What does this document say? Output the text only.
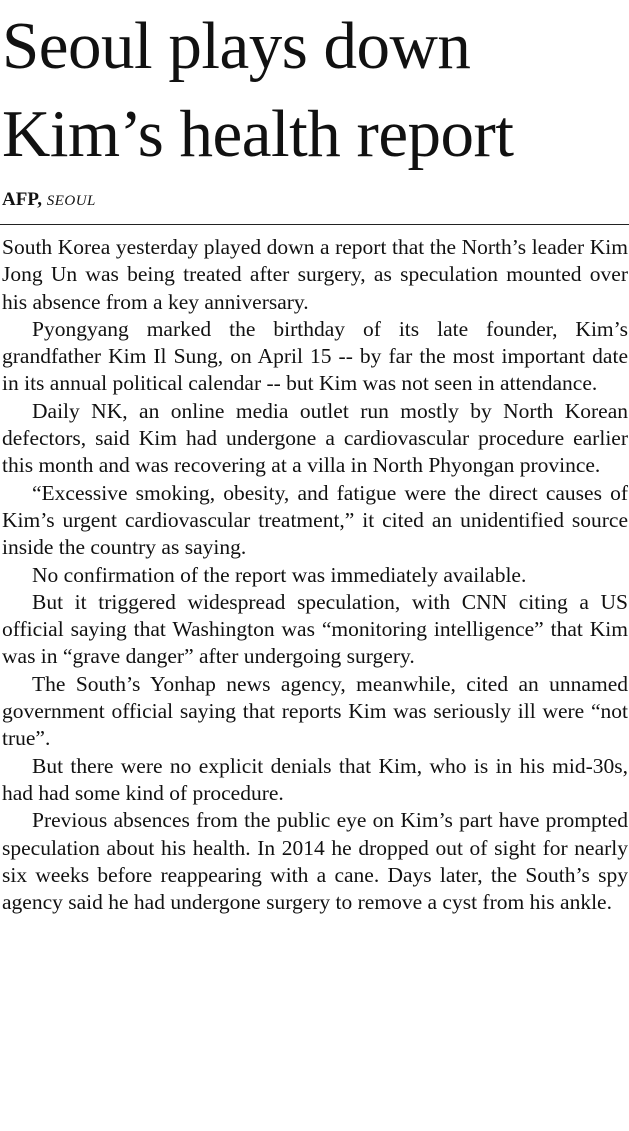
Seoul plays down Kim’s health report
AFP, SEOUL

South Korea yesterday played down a report that the North’s leader Kim Jong Un was being treated after surgery, as speculation mounted over his absence from a key anniversary.

Pyongyang marked the birthday of its late founder, Kim’s grandfather Kim Il Sung, on April 15 -- by far the most important date in its annual political calendar -- but Kim was not seen in attendance.

Daily NK, an online media outlet run mostly by North Korean defectors, said Kim had undergone a cardiovascular procedure earlier this month and was recovering at a villa in North Phyongan province.

“Excessive smoking, obesity, and fatigue were the direct causes of Kim’s urgent cardiovascular treatment,” it cited an unidentified source inside the country as saying.

No confirmation of the report was immediately available.

But it triggered widespread speculation, with CNN citing a US official saying that Washington was “monitoring intelligence” that Kim was in “grave danger” after undergoing surgery.

The South’s Yonhap news agency, meanwhile, cited an unnamed government official saying that reports Kim was seriously ill were “not true”.

But there were no explicit denials that Kim, who is in his mid-30s, had had some kind of procedure.

Previous absences from the public eye on Kim’s part have prompted speculation about his health. In 2014 he dropped out of sight for nearly six weeks before reappearing with a cane. Days later, the South’s spy agency said he had undergone surgery to remove a cyst from his ankle.
